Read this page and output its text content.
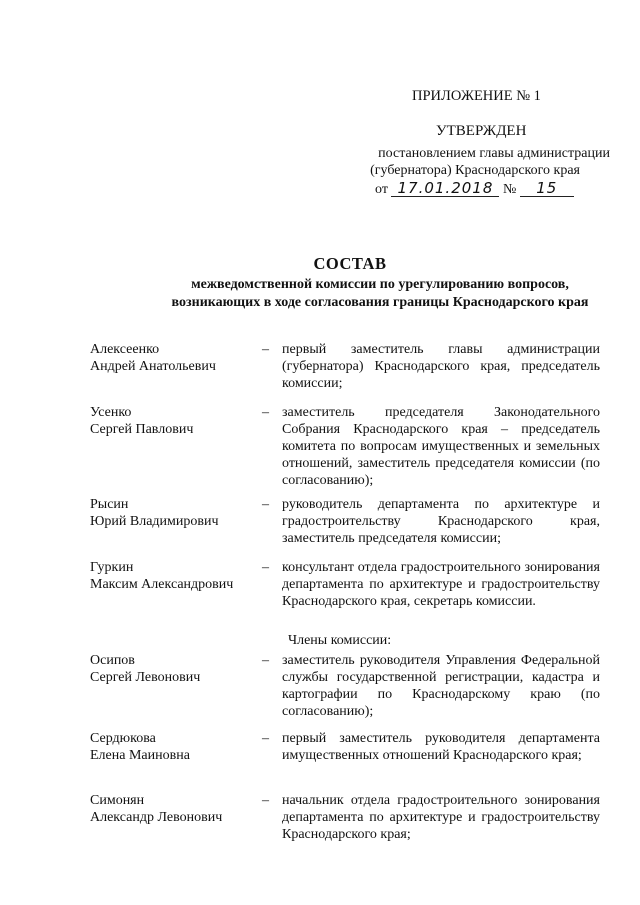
ПРИЛОЖЕНИЕ № 1
УТВЕРЖДЕН
постановлением главы администрации
(губернатора) Краснодарского края
от 17.01.2018 № 15
СОСТАВ
межведомственной комиссии по урегулированию вопросов,
возникающих в ходе согласования границы Краснодарского края
Алексеенко
Андрей Анатольевич
– первый заместитель главы администрации (губернатора) Краснодарского края, председатель комиссии;
Усенко
Сергей Павлович
– заместитель председателя Законодательного Собрания Краснодарского края – председатель комитета по вопросам имущественных и земельных отношений, заместитель председателя комиссии (по согласованию);
Рысин
Юрий Владимирович
– руководитель департамента по архитектуре и градостроительству Краснодарского края, заместитель председателя комиссии;
Гуркин
Максим Александрович
– консультант отдела градостроительного зонирования департамента по архитектуре и градостроительству Краснодарского края, секретарь комиссии.
Члены комиссии:
Осипов
Сергей Левонович
– заместитель руководителя Управления Федеральной службы государственной регистрации, кадастра и картографии по Краснодарскому краю (по согласованию);
Сердюкова
Елена Маиновна
– первый заместитель руководителя департамента имущественных отношений Краснодарского края;
Симонян
Александр Левонович
– начальник отдела градостроительного зонирования департамента по архитектуре и градостроительству Краснодарского края;
